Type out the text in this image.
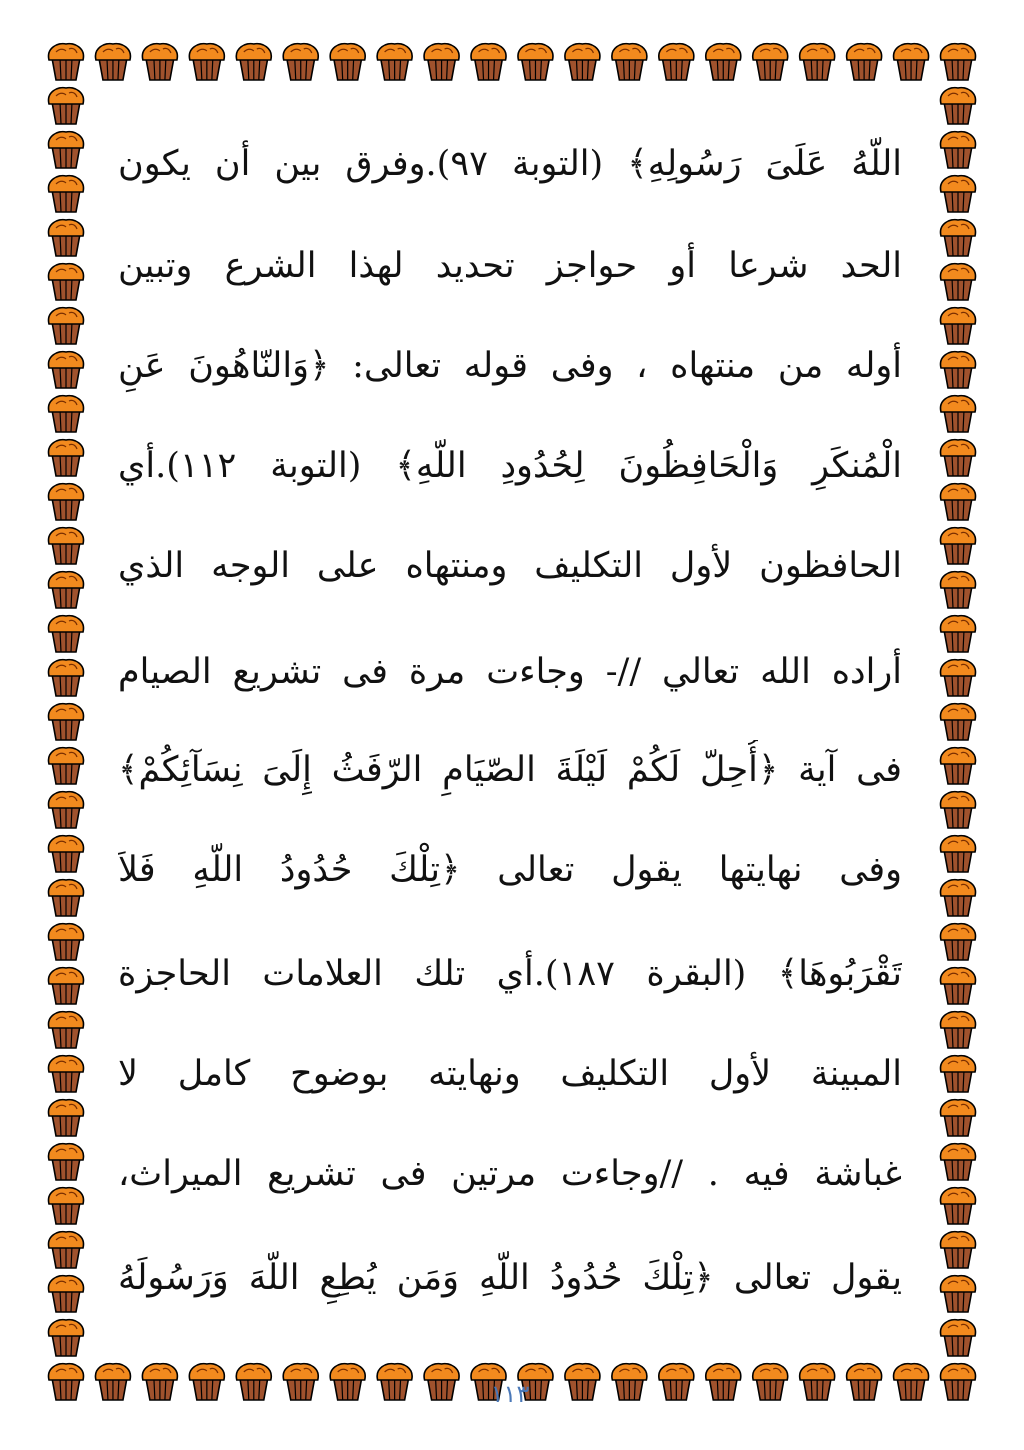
اللّهُ عَلَىَ رَسُولِهِ﴾ (التوبة ٩٧).وفرق بين أن يكون
الحد شرعا أو حواجز تحديد لهذا الشرع وتبين
أوله من منتهاه ، وفى قوله تعالى: ﴿وَالنّاهُونَ عَنِ
الْمُنكَرِ وَالْحَافِظُونَ لِحُدُودِ اللّهِ﴾ (التوبة ١١٢).أي
الحافظون لأول التكليف ومنتهاه على الوجه الذي
أراده الله تعالي //- وجاءت مرة فى تشريع الصيام
فى آية ﴿أُحِلّ لَكُمْ لَيْلَةَ الصّيَامِ الرّفَثُ إِلَىَ نِسَآئِكُمْ﴾
وفى نهايتها يقول تعالى ﴿تِلْكَ حُدُودُ اللّهِ فَلاَ
تَقْرَبُوهَا﴾ (البقرة ١٨٧).أي تلك العلامات الحاجزة
المبينة لأول التكليف ونهايته بوضوح كامل لا
غباشة فيه . //وجاءت مرتين فى تشريع الميراث،
يقول تعالى ﴿تِلْكَ حُدُودُ اللّهِ وَمَن يُطِعِ اللّهَ وَرَسُولَهُ
١١٣
